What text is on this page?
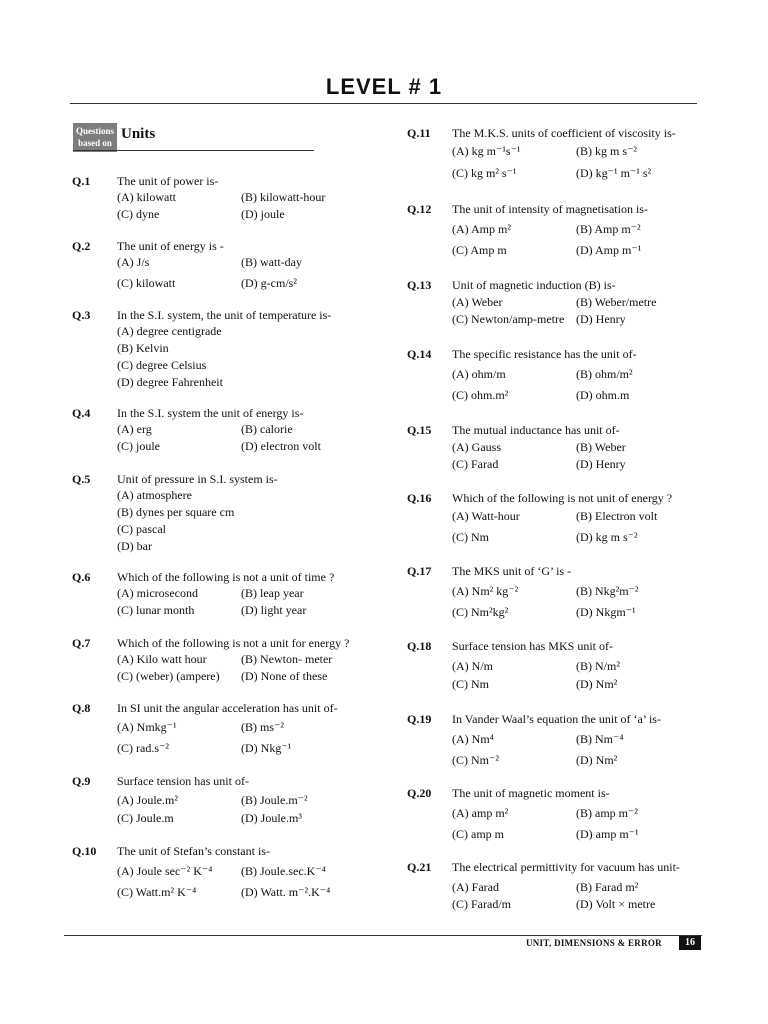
LEVEL # 1
Questions based on
Units
Q.1 The unit of power is-
(A) kilowatt	(B) kilowatt-hour
(C) dyne	(D) joule
Q.2 The unit of energy is -
(A) J/s	(B) watt-day
(C) kilowatt	(D) g-cm/s²
Q.3 In the S.I. system, the unit of temperature is-
(A) degree centigrade
(B) Kelvin
(C) degree Celsius
(D) degree Fahrenheit
Q.4 In the S.I. system the unit of energy is-
(A) erg	(B) calorie
(C) joule	(D) electron volt
Q.5 Unit of pressure in S.I. system is-
(A) atmosphere
(B) dynes per square cm
(C) pascal
(D) bar
Q.6 Which of the following is not a unit of time ?
(A) microsecond	(B) leap year
(C) lunar month	(D) light year
Q.7 Which of the following is not a unit for energy ?
(A) Kilo watt hour	(B) Newton- meter
(C) (weber) (ampere) (D) None of these
Q.8 In SI unit the angular acceleration has unit of-
(A) Nmkg⁻¹	(B) ms⁻²
(C) rad.s⁻²	(D) Nkg⁻¹
Q.9 Surface tension has unit of-
(A) Joule.m²	(B) Joule.m⁻²
(C) Joule.m	(D) Joule.m³
Q.10 The unit of Stefan’s constant is-
(A) Joule sec⁻² K⁻⁴ (B) Joule.sec.K⁻⁴
(C) Watt.m² K⁻⁴	(D) Watt. m⁻².K⁻⁴
Q.11 The M.K.S. units of coefficient of viscosity is-
(A) kg m⁻¹s⁻¹	(B) kg m s⁻²
(C) kg m² s⁻¹	(D) kg⁻¹ m⁻¹ s²
Q.12 The unit of intensity of magnetisation is-
(A) Amp m²	(B) Amp m⁻²
(C) Amp m	(D) Amp m⁻¹
Q.13 Unit of magnetic induction (B) is-
(A) Weber	(B) Weber/metre
(C) Newton/amp-metre (D) Henry
Q.14 The specific resistance has the unit of-
(A) ohm/m	(B) ohm/m²
(C) ohm.m²	(D) ohm.m
Q.15 The mutual inductance has unit of-
(A) Gauss	(B) Weber
(C) Farad	(D) Henry
Q.16 Which of the following is not unit of energy ?
(A) Watt-hour	(B) Electron volt
(C) Nm	(D) kg m s⁻²
Q.17 The MKS unit of ‘G’ is -
(A) Nm² kg⁻²	(B) Nkg²m⁻²
(C) Nm²kg²	(D) Nkgm⁻¹
Q.18 Surface tension has MKS unit of-
(A) N/m	(B) N/m²
(C) Nm	(D) Nm²
Q.19 In Vander Waal’s equation the unit of ‘a’ is-
(A) Nm⁴	(B) Nm⁻⁴
(C) Nm⁻²	(D) Nm²
Q.20 The unit of magnetic moment is-
(A) amp m²	(B) amp m⁻²
(C) amp m	(D) amp m⁻¹
Q.21 The electrical permittivity for vacuum has unit-
(A) Farad	(B) Farad m²
(C) Farad/m	(D) Volt × metre
UNIT, DIMENSIONS & ERROR	16
